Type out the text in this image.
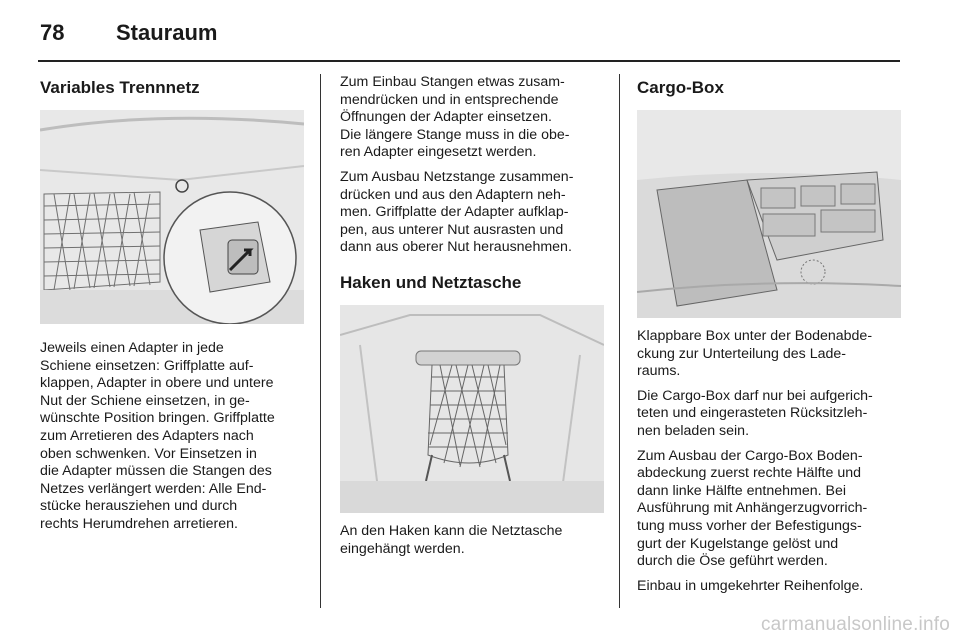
78 Stauraum
Variables Trennnetz

Jeweils einen Adapter in jede
Schiene einsetzen: Griffplatte auf-
klappen, Adapter in obere und untere
Nut der Schiene einsetzen, in ge-
wünschte Position bringen. Griffplatte
zum Arretieren des Adapters nach
oben schwenken. Vor Einsetzen in
die Adapter müssen die Stangen des
Netzes verlängert werden: Alle End-
stücke herausziehen und durch
rechts Herumdrehen arretieren.

Zum Einbau Stangen etwas zusam-
mendrücken und in entsprechende
Öffnungen der Adapter einsetzen.
Die längere Stange muss in die obe-
ren Adapter eingesetzt werden.

Zum Ausbau Netzstange zusammen-
drücken und aus den Adaptern neh-
men. Griffplatte der Adapter aufklap-
pen, aus unterer Nut ausrasten und
dann aus oberer Nut herausnehmen.

Haken und Netztasche

An den Haken kann die Netztasche
eingehängt werden.

Cargo-Box

Klappbare Box unter der Bodenabde-
ckung zur Unterteilung des Lade-
raums.

Die Cargo-Box darf nur bei aufgerich-
teten und eingerasteten Rücksitzleh-
nen beladen sein.

Zum Ausbau der Cargo-Box Boden-
abdeckung zuerst rechte Hälfte und
dann linke Hälfte entnehmen. Bei
Ausführung mit Anhängerzugvorrich-
tung muss vorher der Befestigungs-
gurt der Kugelstange gelöst und
durch die Öse geführt werden.

Einbau in umgekehrter Reihenfolge.

carmanualsonline.info
